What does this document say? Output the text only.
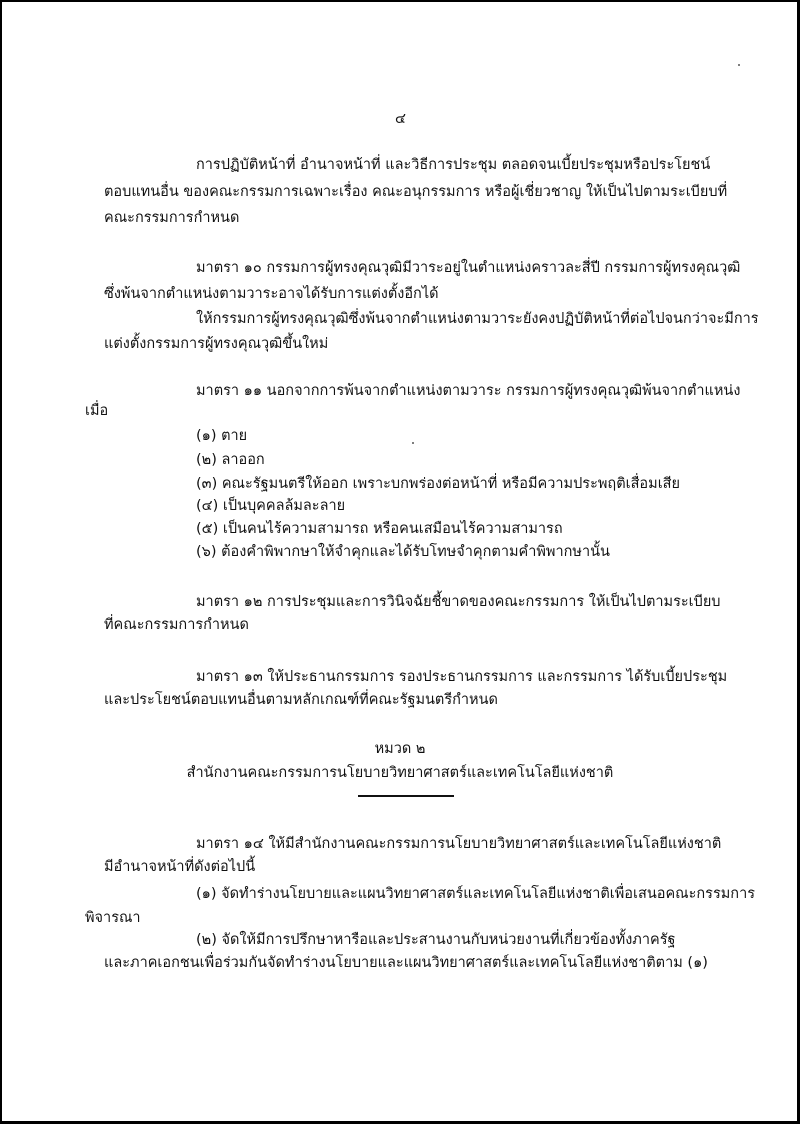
๔
การปฏิบัติหน้าที่ อำนาจหน้าที่ และวิธีการประชุม ตลอดจนเบี้ยประชุมหรือประโยชน์
ตอบแทนอื่น ของคณะกรรมการเฉพาะเรื่อง คณะอนุกรรมการ หรือผู้เชี่ยวชาญ ให้เป็นไปตามระเบียบที่
คณะกรรมการกำหนด
มาตรา ๑๐ กรรมการผู้ทรงคุณวุฒิมีวาระอยู่ในตำแหน่งคราวละสี่ปี กรรมการผู้ทรงคุณวุฒิ
ซึ่งพ้นจากตำแหน่งตามวาระอาจได้รับการแต่งตั้งอีกได้
ให้กรรมการผู้ทรงคุณวุฒิซึ่งพ้นจากตำแหน่งตามวาระยังคงปฏิบัติหน้าที่ต่อไปจนกว่าจะมีการ
แต่งตั้งกรรมการผู้ทรงคุณวุฒิขึ้นใหม่
มาตรา ๑๑ นอกจากการพ้นจากตำแหน่งตามวาระ กรรมการผู้ทรงคุณวุฒิพ้นจากตำแหน่ง
เมื่อ
(๑) ตาย
(๒) ลาออก
(๓) คณะรัฐมนตรีให้ออก เพราะบกพร่องต่อหน้าที่ หรือมีความประพฤติเสื่อมเสีย
(๔) เป็นบุคคลล้มละลาย
(๕) เป็นคนไร้ความสามารถ หรือคนเสมือนไร้ความสามารถ
(๖) ต้องคำพิพากษาให้จำคุกและได้รับโทษจำคุกตามคำพิพากษานั้น
มาตรา ๑๒ การประชุมและการวินิจฉัยชี้ขาดของคณะกรรมการ ให้เป็นไปตามระเบียบ
ที่คณะกรรมการกำหนด
มาตรา ๑๓ ให้ประธานกรรมการ รองประธานกรรมการ และกรรมการ ได้รับเบี้ยประชุม
และประโยชน์ตอบแทนอื่นตามหลักเกณฑ์ที่คณะรัฐมนตรีกำหนด
หมวด ๒
สำนักงานคณะกรรมการนโยบายวิทยาศาสตร์และเทคโนโลยีแห่งชาติ
มาตรา ๑๔ ให้มีสำนักงานคณะกรรมการนโยบายวิทยาศาสตร์และเทคโนโลยีแห่งชาติ
มีอำนาจหน้าที่ดังต่อไปนี้
(๑) จัดทำร่างนโยบายและแผนวิทยาศาสตร์และเทคโนโลยีแห่งชาติเพื่อเสนอคณะกรรมการ
พิจารณา
(๒) จัดให้มีการปรึกษาหารือและประสานงานกับหน่วยงานที่เกี่ยวข้องทั้งภาครัฐ
และภาคเอกชนเพื่อร่วมกันจัดทำร่างนโยบายและแผนวิทยาศาสตร์และเทคโนโลยีแห่งชาติตาม (๑)
